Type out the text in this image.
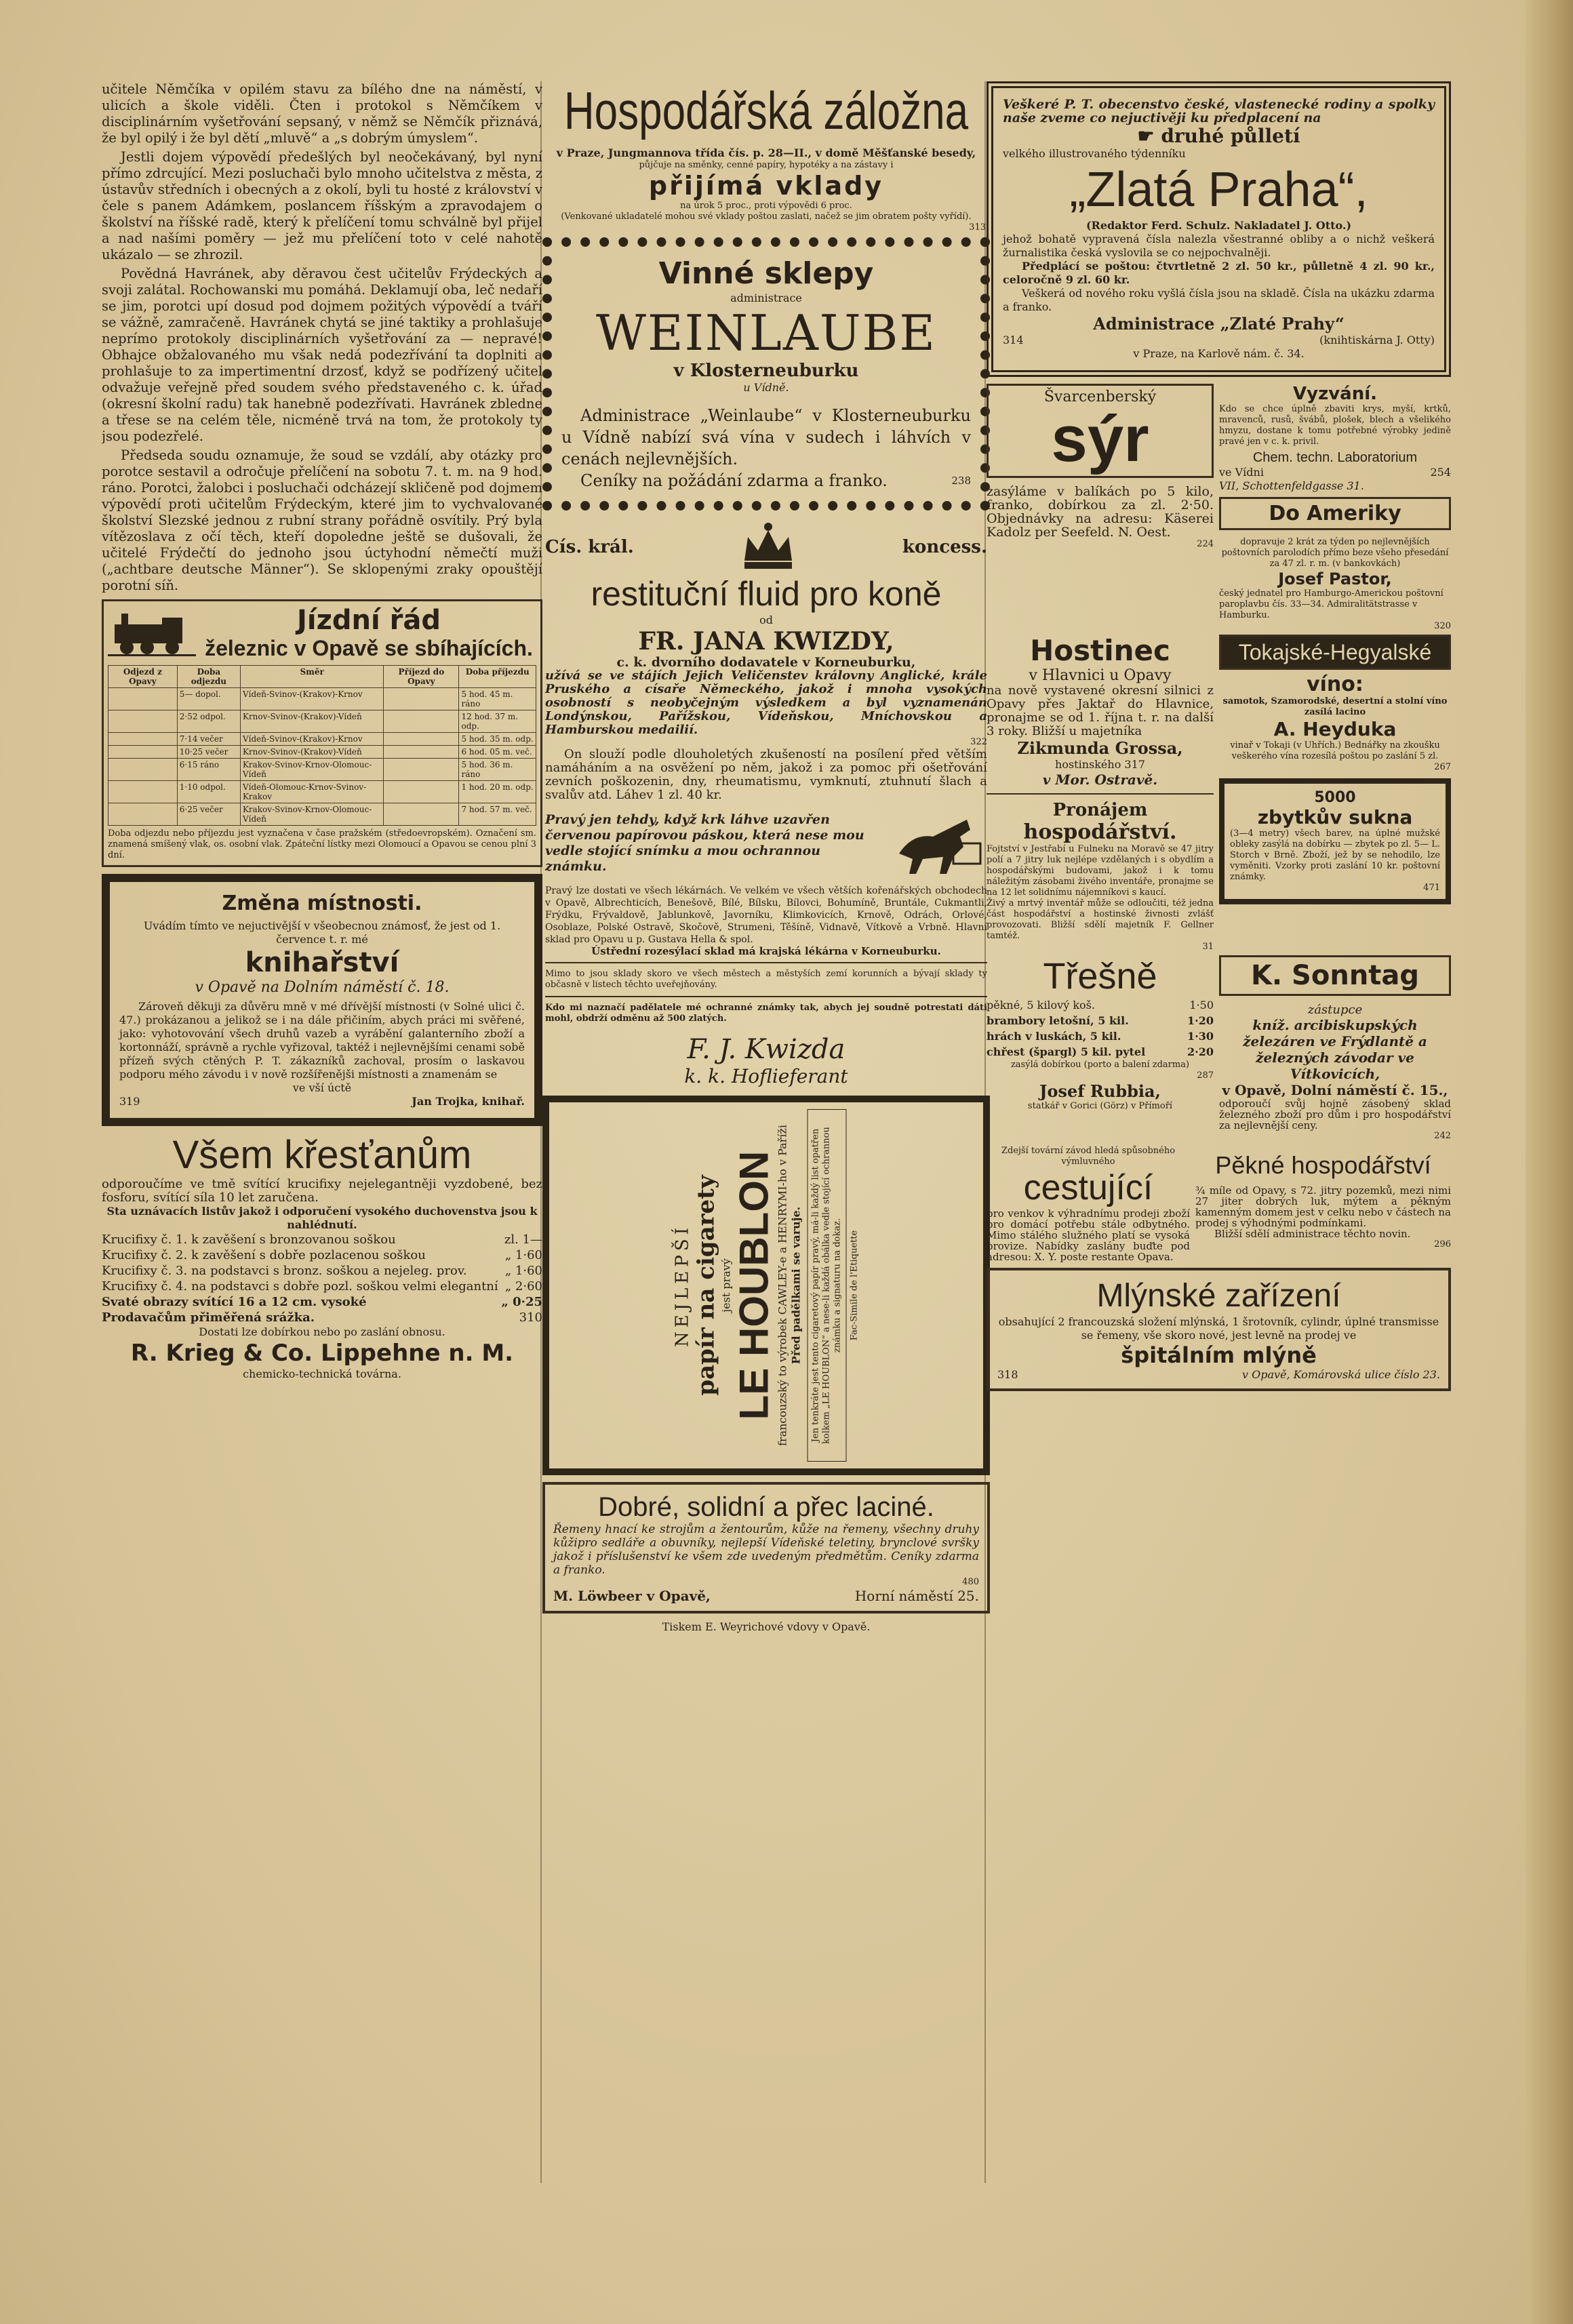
učitele Němčíka v opilém stavu za bílého dne na náměstí, v ulicích a škole viděli. Čten i protokol s Němčíkem v disciplinárním vyšetřování sepsaný, v němž se Němčík přiznává, že byl opilý i že byl dětí „mluvě“ a „s dobrým úmyslem“.

Jestli dojem výpovědí předešlých byl neočekávaný, byl nyní přímo zdrcující. Mezi posluchači bylo mnoho učitelstva z města, z ústavův středních i obecných a z okolí, byli tu hosté z království v čele s panem Adámkem, poslancem říšským a zpravodajem o školství na říšské radě, který k přelíčení tomu schválně byl přijel a nad našími poměry — jež mu přelíčení toto v celé nahotě ukázalo — se zhrozil.

Povědná Havránek, aby děravou čest učitelův Frýdeckých a svoji zalátal. Rochowanski mu pomáhá. Deklamují oba, leč nedaří se jim, porotci upí dosud pod dojmem požitých výpovědí a tváří se vážně, zamračeně. Havránek chytá se jiné taktiky a prohlašuje neprímo protokoly disciplinárních vyšetřování za — nepravé! Obhajce obžalovaného mu však nedá podezřívání ta doplniti a prohlašuje to za impertimentní drzosť, když se podřízený učitel odvažuje veřejně před soudem svého představeného c. k. úřad (okresní školní radu) tak hanebně podezřívati. Havránek zbledne a třese se na celém těle, nicméně trvá na tom, že protokoly ty jsou podezřelé.

Předseda soudu oznamuje, že soud se vzdálí, aby otázky pro porotce sestavil a odročuje přelíčení na sobotu 7. t. m. na 9 hod. ráno. Porotci, žalobci i posluchači odcházejí skličeně pod dojmem výpovědí proti učitelům Frýdeckým, které jim to vychvalované školství Slezské jednou z rubní strany pořádně osvítily. Prý byla vítězoslava z očí těch, kteří dopoledne ještě se dušovali, že učitelé Frýdečtí do jednoho jsou úctyhodní němečtí muži („achtbare deutsche Männer“). Se sklopenými zraky opouštějí porotní síň.

Jízdní řád
železnic v Opavě se sbíhajících.
Odjezd z Opavy	Doba odjezdu	Směr	Příjezd do Opavy	Doba příjezdu
	5— dopol.	Vídeň-Svinov-(Krakov)-Krnov		5 hod. 45 m. ráno
	2·52 odpol.	Krnov-Svinov-(Krakov)-Vídeň		12 hod. 37 m. odp.
	7·14 večer	Vídeň-Svinov-(Krakov)-Krnov		5 hod. 35 m. odp.
	10·25 večer	Krnov-Svinov-(Krakov)-Vídeň		6 hod. 05 m. več.
	6·15 ráno	Krakov-Svinov-Krnov-Olomouc-Vídeň		5 hod. 36 m. ráno
	1·10 odpol.	Vídeň-Olomouc-Krnov-Svinov-Krakov		1 hod. 20 m. odp.
	6·25 večer	Krakov-Svinov-Krnov-Olomouc-Vídeň		7 hod. 57 m. več.
Doba odjezdu nebo příjezdu jest vyznačena v čase pražském (středoevropském). Označení sm. znamená smíšený vlak, os. osobní vlak. Zpáteční lístky mezi Olomoucí a Opavou se cenou plní 3 dní.
Změna místnosti.
Uvádím tímto ve nejuctivější v všeobecnou známosť, že jest od 1. července t. r. mé
knihařství
v Opavě na Dolním náměstí č. 18.
Zároveň děkuji za důvěru mně v mé dřívější místnosti (v Solné ulici č. 47.) prokázanou a jelikož se i na dále přičiním, abych práci mi svěřené, jako: vyhotovování všech druhů vazeb a vyrábění galanterního zboží a kortonnáží, správně a rychle vyřizoval, taktéž i nejlevnějšími cenami sobě přízeň svých ctěných P. T. zákazníků zachoval, prosím o laskavou podporu mého závodu i v nově rozšířenějši místnosti a znamenám se
ve vší úctě
319	Jan Trojka, knihař.
Všem křesťanům
odporoučíme ve tmě svítící krucifixy nejelegantněji vyzdobené, bez fosforu, svítící síla 10 let zaručena.
Sta uznávacích listův jakož i odporučení vysokého duchovenstva jsou k nahlédnutí.
Krucifixy č. 1. k zavěšení s bronzovanou soškou	zl. 1—
Krucifixy č. 2. k zavěšení s dobře pozlacenou soškou	„ 1·60
Krucifixy č. 3. na podstavci s bronz. soškou a nejeleg. prov.	„ 1·60
Krucifixy č. 4. na podstavci s dobře pozl. soškou velmi elegantní „ 2·60
Svaté obrazy svítící 16 a 12 cm. vysoké	„ 0·25
Prodavačům přiměřená srážka.	310
Dostati lze dobírkou nebo po zaslání obnosu.
R. Krieg & Co. Lippehne n. M.
chemicko-technická továrna.
Hospodářská záložna
v Praze, Jungmannova třída čís. p. 28—II., v domě Měšťanské besedy,
půjčuje na směnky, cenné papíry, hypotéky a na zástavy i
přijímá vklady
na úrok 5 proc., proti výpovědi 6 proc.
(Venkované ukladatelé mohou své vklady poštou zaslati, načež se jim obratem pošty vyřídí).
313
Vinné sklepy
administrace
WEINLAUBE
v Klosterneuburku
u Vídně.
Administrace „Weinlaube“ v Klosterneuburku u Vídně nabízí svá vína v sudech i láhvích v cenách nejlevnějších.
Ceníky na požádání zdarma a franko.	238
Cís. král.	koncess.
restituční fluid pro koně
od
FR. JANA KWIZDY,
c. k. dvorního dodavatele v Korneuburku,
užívá se ve stájích Jejich Veličenstev královny Anglické, krále Pruského a císaře Německého, jakož i mnoha vysokých osobností s neobyčejným výsledkem a byl vyznamenán Londýnskou, Pařížskou, Vídeňskou, Mníchovskou a Hamburskou medailií.
322
On slouží podle dlouholetých zkušeností na posílení před větším namáháním a na osvěžení po něm, jakož i za pomoc při ošetřování zevních poškozenin, dny, rheumatismu, vymknutí, ztuhnutí šlach a svalův atd. Láhev 1 zl. 40 kr.
Pravý jen tehdy, když krk láhve uzavřen červenou papírovou páskou, která nese mou vedle stojící snímku a mou ochrannou známku.
Pravý lze dostati ve všech lékárnách. Ve velkém ve všech větších kořenářských obchodech v Opavě, Albrechticích, Benešově, Bílé, Bílsku, Bílovci, Bohumíně, Bruntále, Cukmantli, Frýdku, Frývaldově, Jablunkově, Javorníku, Klimkovicích, Krnově, Odrách, Orlové, Osoblaze, Polské Ostravě, Skočově, Strumeni, Těšíně, Vidnavě, Vítkově a Vrbně. Hlavní sklad pro Opavu u p. Gustava Hella & spol.
Ústřední rozesýlací sklad má krajská lékárna v Korneuburku.
Mimo to jsou sklady skoro ve všech městech a městyších zemí korunních a bývají sklady ty občasně v listech těchto uveřejňovány.
Kdo mi naznačí padělatele mé ochranné známky tak, abych jej soudně potrestati dáti mohl, obdrží odměnu až 500 zlatých.
F. J. Kwizda
k. k. Hoflieferant
NEJLEPŠÍ papír na cigarety jest pravý
LE HOUBLON francouzský to výrobek CAWLEY-e a HENRYMI-ho v Paříži Před padělkami se varuje. Jen tenkráte jest tento cigaretový papír pravý, má-li každý list opatřen kolkem „LE HOUBLON“ a nese-li každá obálka vedle stojící ochrannou známku a signaturu na dokaz. Fac-Simile de l'Etiquette
Dobré, solidní a přec laciné.
Řemeny hnací ke strojům a žentourům, kůže na řemeny, všechny druhy kůžipro sedláře a obuvníky, nejlepší Vídeňské teletiny, brynclové svršky jakož i příslušenství ke všem zde uvedeným předmětům. Ceníky zdarma a franko.
480
M. Löwbeer v Opavě,	Horní náměstí 25.
Tiskem E. Weyrichové vdovy v Opavě.
Veškeré P. T. obecenstvo české, vlastenecké rodiny a spolky naše zveme co nejuctivěji ku předplacení na
☛ druhé půlletí
velkého illustrovaného týdenníku
„Zlatá Praha“,
(Redaktor Ferd. Schulz. Nakladatel J. Otto.)
jehož bohatě vypravená čísla nalezla všestranné obliby a o nichž veškerá žurnalistika česká vyslovila se co nejpochvalněji.
Předplácí se poštou: čtvrtletně 2 zl. 50 kr., půlletně 4 zl. 90 kr., celoročně 9 zl. 60 kr.
Veškerá od nového roku vyšlá čísla jsou na skladě. Čísla na ukázku zdarma a franko.
Administrace „Zlaté Prahy“
314	(knihtiskárna J. Otty)
v Praze, na Karlově nám. č. 34.
Švarcenberský
sýr
zasýláme v balíkách po 5 kilo, franko, dobírkou za zl. 2·50. Objednávky na adresu: Käserei Kadolz per Seefeld. N. Oest.
224
Vyzvání.
Kdo se chce úplně zbaviti krys, myší, krtků, mravenců, rusů, švábů, plošek, blech a všelikého hmyzu, dostane k tomu potřebné výrobky jedině pravé jen v c. k. privil.
Chem. techn. Laboratorium
ve Vídni	254
VII, Schottenfeldgasse 31.
Do Ameriky
dopravuje 2 krát za týden po nejlevnějších poštovních parolodích přímo beze všeho přesedání za 47 zl. r. m. (v bankovkách)
Josef Pastor,
český jednatel pro Hamburgo-Americkou poštovní paroplavbu čís. 33—34. Admiralitätstrasse v Hamburku.
320
Hostinec
v Hlavnici u Opavy
na nově vystavené okresní silnici z Opavy přes Jaktař do Hlavnice, pronajme se od 1. října t. r. na další 3 roky. Bližší u majetníka
Zikmunda Grossa,
hostinského 317
v Mor. Ostravě.
Pronájem
hospodářství.
Fojtství v Jestřabí u Fulneku na Moravě se 47 jitry polí a 7 jitry luk nejlépe vzdělaných i s obydlím a hospodářskými budovami, jakož i k tomu náležitým zásobami živého inventáře, pronajme se na 12 let solidnímu nájemníkovi s kaucí.
Živý a mrtvý inventář může se odloučiti, též jedna část hospodářství a hostinské živnosti zvlášť provozovati. Bližší sdělí majetník F. Gellner tamtéž.
31
Tokajské-Hegyalské
víno:
samotok, Szamorodské, desertní a stolní víno zasílá lacino
A. Heyduka
vinař v Tokaji (v Uhřích.) Bednářky na zkoušku veškerého vína rozesílá poštou po zaslání 5 zl.
267
5000
zbytkův sukna
(3—4 metry) všech barev, na úplné mužské obleky zasýlá na dobírku — zbytek po zl. 5— L. Storch v Brně. Zboží, jež by se nehodilo, lze vyměniti. Vzorky proti zaslání 10 kr. poštovní známky.
471
Třešně
pěkné, 5 kilový koš.	1·50
brambory letošní, 5 kil.	1·20
hrách v luskách, 5 kil.	1·30
chřest (špargl) 5 kil. pytel	2·20
zasýlá dobírkou (porto a balení zdarma)
287
Josef Rubbia,
statkář v Gorici (Görz) v Přímoří
K. Sonntag
zástupce
kníž. arcibiskupských železáren ve Frýdlantě a železných závodar ve Vítkovicích,
v Opavě, Dolní náměstí č. 15.,
odporoučí svůj hojně zásobený sklad železného zboží pro dům i pro hospodářství za nejlevnější ceny.
242
Zdejší tovární závod hledá spůsobného výmluvného
cestující
pro venkov k výhradnímu prodeji zboží pro domácí potřebu stále odbytného. Mimo stálého služného platí se vysoká provize. Nabídky zaslány buďte pod adresou: X. Y. poste restante Opava.
Pěkné hospodářství
¾ míle od Opavy, s 72. jitry pozemků, mezi nimi 27 jiter dobrých luk, mýtem a pěkným kamenným domem jest v celku nebo v částech na prodej s výhodnými podmínkami.
Bližší sdělí administrace těchto novin.
296
Mlýnské zařízení
obsahující 2 francouzská složení mlýnská, 1 šrotovník, cylindr, úplné transmisse se řemeny, vše skoro nové, jest levně na prodej ve
špitálním mlýně
318	v Opavě, Komárovská ulice číslo 23.
